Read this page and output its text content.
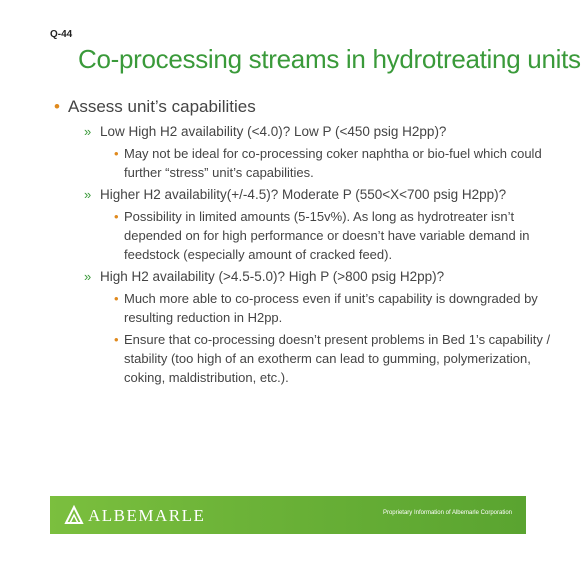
Q-44
Co-processing streams in hydrotreating units
• Assess unit’s capabilities
» Low High H2 availability (<4.0)? Low P (<450 psig H2pp)?
• May not be ideal for co-processing coker naphtha or bio-fuel which could further “stress” unit’s capabilities.
» Higher H2 availability(+/-4.5)? Moderate P (550<X<700 psig H2pp)?
• Possibility in limited amounts (5-15v%). As long as hydrotreater isn’t depended on for high performance or doesn’t have variable demand in feedstock (especially amount of cracked feed).
» High H2 availability (>4.5-5.0)? High P (>800 psig H2pp)?
• Much more able to co-process even if unit’s capability is downgraded by resulting reduction in H2pp.
• Ensure that co-processing doesn’t present problems in Bed 1’s capability / stability (too high of an exotherm can lead to gumming, polymerization, coking, maldistribution, etc.).
ALBEMARLE	Proprietary Information of Albemarle Corporation
